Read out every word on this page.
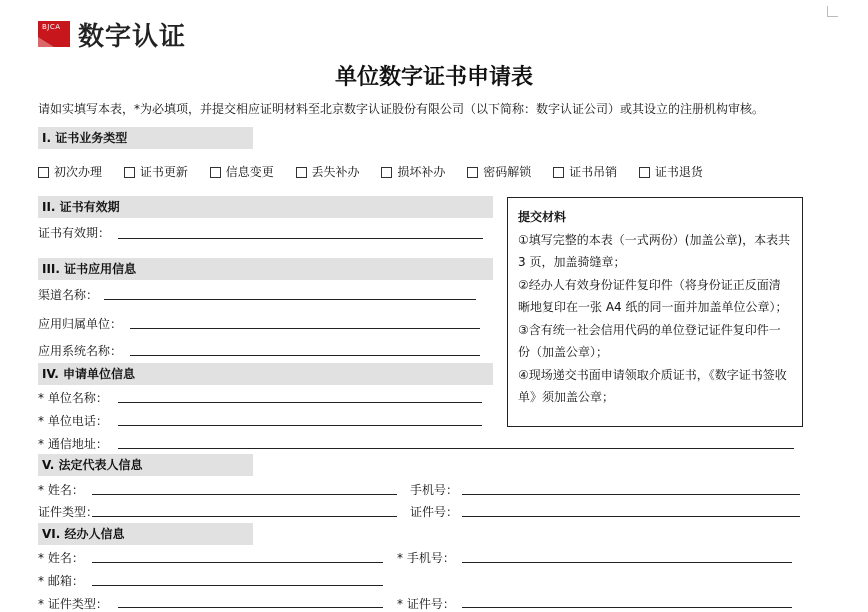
BJCA 数字认证
单位数字证书申请表
请如实填写本表，*为必填项，并提交相应证明材料至北京数字认证股份有限公司（以下简称：数字认证公司）或其设立的注册机构审核。
I. 证书业务类型
初次办理	证书更新	信息变更	丢失补办	损坏补办	密码解锁	证书吊销	证书退货
II. 证书有效期
证书有效期：
III. 证书应用信息
渠道名称：
应用归属单位：
应用系统名称：
IV. 申请单位信息
* 单位名称：
* 单位电话：
* 通信地址：
提交材料
①填写完整的本表（一式两份）(加盖公章)，本表共 3 页，加盖骑缝章；
②经办人有效身份证件复印件（将身份证正反面清晰地复印在一张 A4 纸的同一面并加盖单位公章）；
③含有统一社会信用代码的单位登记证件复印件一份（加盖公章）；
④现场递交书面申请领取介质证书，《数字证书签收单》须加盖公章；
V. 法定代表人信息
* 姓名：	手机号：
证件类型：	证件号：
VI. 经办人信息
* 姓名：	* 手机号：
* 邮箱：
* 证件类型：	* 证件号：
